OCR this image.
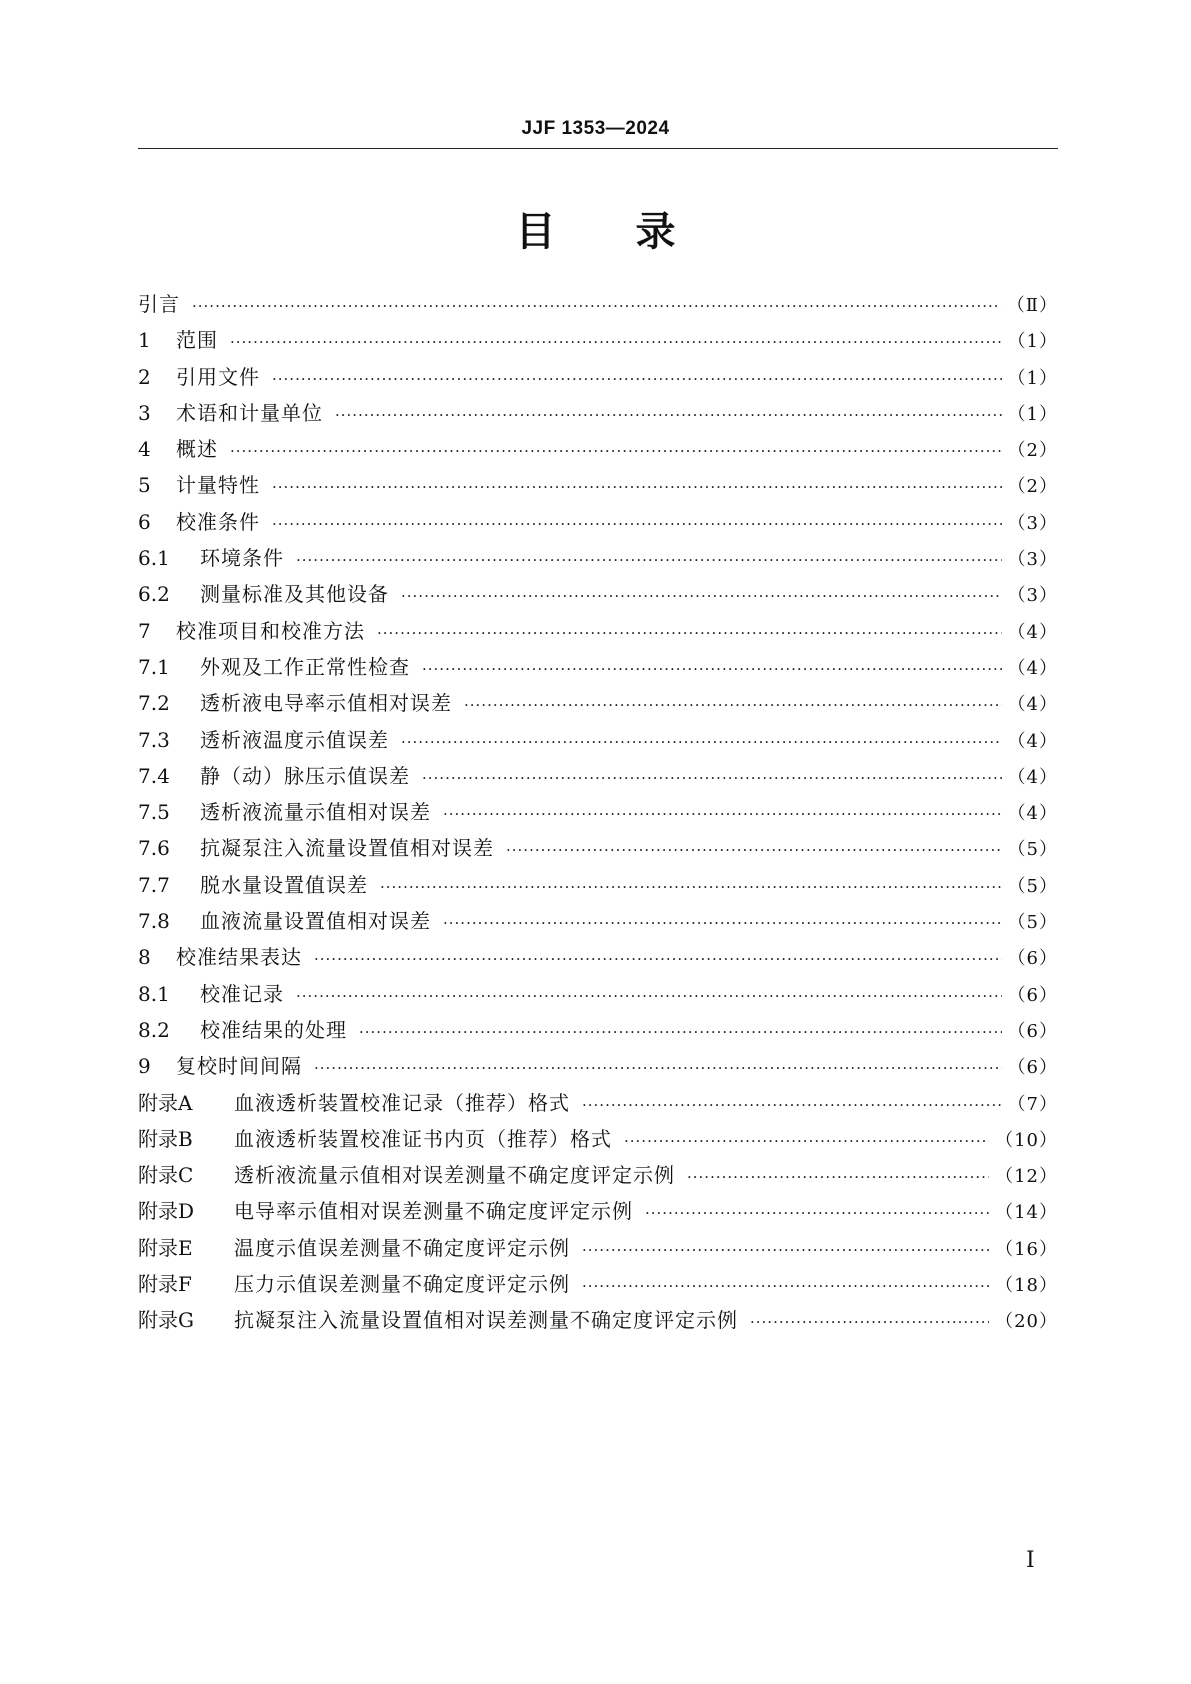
JJF 1353—2024
目录
引言 ·····	（Ⅱ）
1	范围 ·····	（1）
2	引用文件 ·····	（1）
3	术语和计量单位 ·····	（1）
4	概述 ·····	（2）
5	计量特性 ·····	（2）
6	校准条件 ·····	（3）
6.1	环境条件 ·····	（3）
6.2	测量标准及其他设备 ·····	（3）
7	校准项目和校准方法 ·····	（4）
7.1	外观及工作正常性检查 ·····	（4）
7.2	透析液电导率示值相对误差 ·····	（4）
7.3	透析液温度示值误差 ·····	（4）
7.4	静（动）脉压示值误差 ·····	（4）
7.5	透析液流量示值相对误差 ·····	（4）
7.6	抗凝泵注入流量设置值相对误差 ·····	（5）
7.7	脱水量设置值误差 ·····	（5）
7.8	血液流量设置值相对误差 ·····	（5）
8	校准结果表达 ·····	（6）
8.1	校准记录 ·····	（6）
8.2	校准结果的处理 ·····	（6）
9	复校时间间隔 ·····	（6）
附录A	血液透析装置校准记录（推荐）格式 ·····	（7）
附录B	血液透析装置校准证书内页（推荐）格式 ·····	（10）
附录C	透析液流量示值相对误差测量不确定度评定示例 ·····	（12）
附录D	电导率示值相对误差测量不确定度评定示例 ·····	（14）
附录E	温度示值误差测量不确定度评定示例 ·····	（16）
附录F	压力示值误差测量不确定度评定示例 ·····	（18）
附录G	抗凝泵注入流量设置值相对误差测量不确定度评定示例 ·····	（20）
Ⅰ
